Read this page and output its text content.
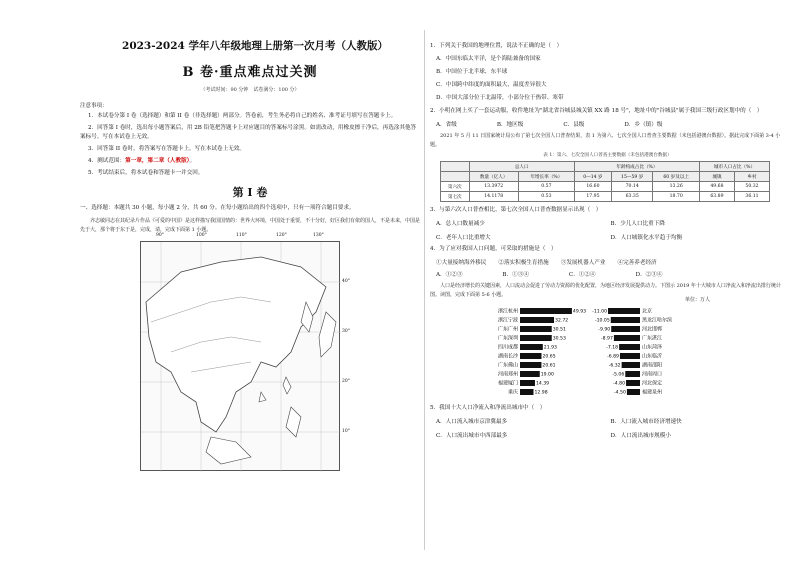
2023-2024 学年八年级地理上册第一次月考（人教版）
B 卷·重点难点过关测
（考试时间：90 分钟　试卷满分：100 分）
注意事项：
1．本试卷分第 I 卷（选择题）和第 II 卷（非选择题）两部分。答卷前，考生务必将自己的姓名、准考证号填写在答题卡上。
2．回答第 I 卷时，选出每小题答案后，用 2B 铅笔把答题卡上对应题目的答案标号涂黑。如需改动，用橡皮擦干净后，再选涂其他答案标号。写在本试卷上无效。
3．回答第 II 卷时，将答案写在答题卡上。写在本试卷上无效。
4．测试范围：第一章，第二章（人教版）。
5．考试结束后，将本试卷和答题卡一并交回。
第 I 卷
一、选择题：本题共 30 小题，每小题 2 分，共 60 分。在每小题给出的四个选项中，只有一项符合题目要求。
齐志敏同志在其纪录片作品《可爱的中国》是这样描写我国国情的：世界大环境，中国处于重要，不十分好，好区我们有依的国人，不是未来，中国是先于大，那个将于东于是，完成，请，完成下面第 1 小题。
90°	100°	110°	120°	130°
40°
30°
20°
10°
1．下列关于我国的地理位置，说法不正确的是（　）
A．中国东临太平洋，是个海陆兼备的国家
B．中国位于北半球，东半球
C．中国跨中纬度的面积最大，温度差异很大
D．中国大部分位于北温带，小部分位于热带、寒带
2．小明在网上买了一套运动服，收件地址为"湖北省谷城县城关镇 XX 路 18 号"，地址中的"谷城县"属于我国三级行政区划中的（　）
A．省级	B．地区级	C．县级	D．乡（镇）级
2021 年 5 月 11 日国家统计局公布了第七次全国人口普查结果，表 1 为第六、七次全国人口普查主要数据（未包括港澳台数据）。据此完成下面第 3-4 小题。
表 1：第六、七次全国人口普查主要数据（未包括港澳台数据）
	总人口		年龄构成占比（%）			城市人口占比（%）	
	数量（亿人）	年增长率（%）	0—14 岁	15—59 岁	60 岁及以上	城镇	乡村
第六次	13.3972	0.57	16.60	70.14	13.26	49.68	50.32
第七次	14.1178	0.53	17.95	63.35	18.70	63.89	36.11
3．与第六次人口普查相比，第七次全国人口普查数据显示出现（　）
A．总人口数量减少	B．少儿人口比重下降
C．老年人口比重增大	D．人口城镇化水平趋于均衡
4．为了应对我国人口问题，可采取的措施是（　）
①大量接纳海外移民 ②落实积极生育措施 ③发展机器人产业 ④完善养老经济
A．①②③	B．①③④	C．①②④	D．②③④
人口是经济增长的关键因素，人口流动会促进了劳动力资源的优化配置，为地区经济发展提供动力。下图示 2019 年十大城市人口净流入和净流出排行统计图。读图，完成下面第 5-6 小题。
单位：万人
浙江杭州	49.93
浙江宁波	32.72
广东广州	30.51
广东深圳	30.53
四川成都	21.93
湖南长沙	20.65
广东佛山	20.61
河南郑州	19.00
福建厦门	14.39
重庆	12.98
-11.00	北京
-10.05	黑龙江哈尔滨
-9.90	河北邯郸
-8.97	广东湛江
-7.18	山东菏泽
-6.89	山东临沂
-6.32	湖南邵阳
-5.06	河南周口
-4.80	河北保定
-4.50	福建泉州
5．我国十大人口净流入和净流出城市中（　）
A．人口流入城市京津冀最多	B．人口流入城市经济增速快
C．人口流出城市中西部最多	D．人口流出城市规模小
